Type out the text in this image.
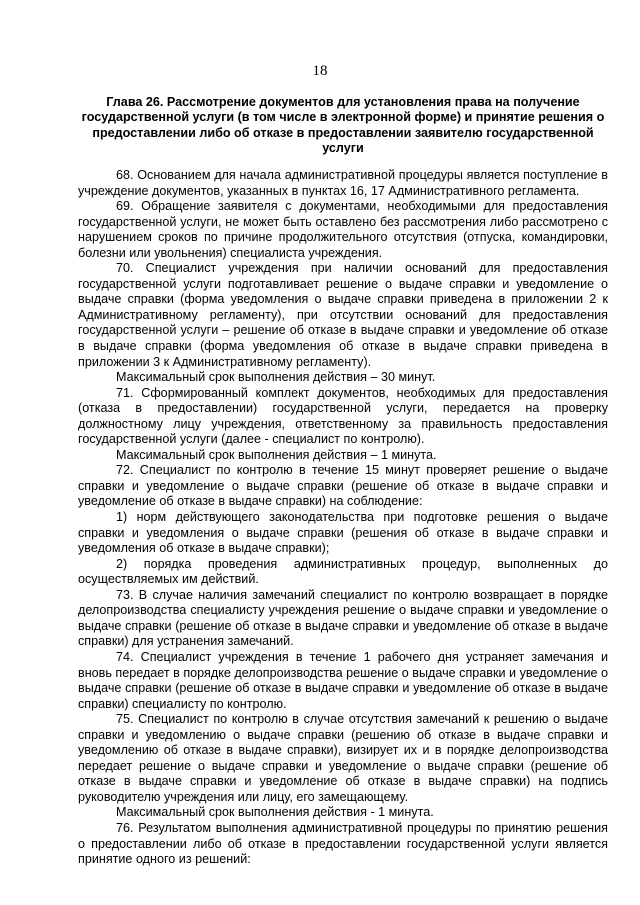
18
Глава 26. Рассмотрение документов для установления права на получение государственной услуги (в том числе в электронной форме) и принятие решения о предоставлении либо об отказе в предоставлении заявителю государственной услуги

68. Основанием для начала административной процедуры является поступление в учреждение документов, указанных в пунктах 16, 17 Административного регламента.

69. Обращение заявителя с документами, необходимыми для предоставления государственной услуги, не может быть оставлено без рассмотрения либо рассмотрено с нарушением сроков по причине продолжительного отсутствия (отпуска, командировки, болезни или увольнения) специалиста учреждения.

70. Специалист учреждения при наличии оснований для предоставления государственной услуги подготавливает решение о выдаче справки и уведомление о выдаче справки (форма уведомления о выдаче справки приведена в приложении 2 к Административному регламенту), при отсутствии оснований для предоставления государственной услуги – решение об отказе в выдаче справки и уведомление об отказе в выдаче справки (форма уведомления об отказе в выдаче справки приведена в приложении 3 к Административному регламенту).

Максимальный срок выполнения действия – 30 минут.

71. Сформированный комплект документов, необходимых для предоставления (отказа в предоставлении) государственной услуги, передается на проверку должностному лицу учреждения, ответственному за правильность предоставления государственной услуги (далее - специалист по контролю).

Максимальный срок выполнения действия – 1 минута.

72. Специалист по контролю в течение 15 минут проверяет решение о выдаче справки и уведомление о выдаче справки (решение об отказе в выдаче справки и уведомление об отказе в выдаче справки) на соблюдение:

1) норм действующего законодательства при подготовке решения о выдаче справки и уведомления о выдаче справки (решения об отказе в выдаче справки и уведомления об отказе в выдаче справки);

2) порядка проведения административных процедур, выполненных до осуществляемых им действий.

73. В случае наличия замечаний специалист по контролю возвращает в порядке делопроизводства специалисту учреждения решение о выдаче справки и уведомление о выдаче справки (решение об отказе в выдаче справки и уведомление об отказе в выдаче справки) для устранения замечаний.

74. Специалист учреждения в течение 1 рабочего дня устраняет замечания и вновь передает в порядке делопроизводства решение о выдаче справки и уведомление о выдаче справки (решение об отказе в выдаче справки и уведомление об отказе в выдаче справки) специалисту по контролю.

75. Специалист по контролю в случае отсутствия замечаний к решению о выдаче справки и уведомлению о выдаче справки (решению об отказе в выдаче справки и уведомлению об отказе в выдаче справки), визирует их и в порядке делопроизводства передает решение о выдаче справки и уведомление о выдаче справки (решение об отказе в выдаче справки и уведомление об отказе в выдаче справки) на подпись руководителю учреждения или лицу, его замещающему.

Максимальный срок выполнения действия - 1 минута.

76. Результатом выполнения административной процедуры по принятию решения о предоставлении либо об отказе в предоставлении государственной услуги является принятие одного из решений:
